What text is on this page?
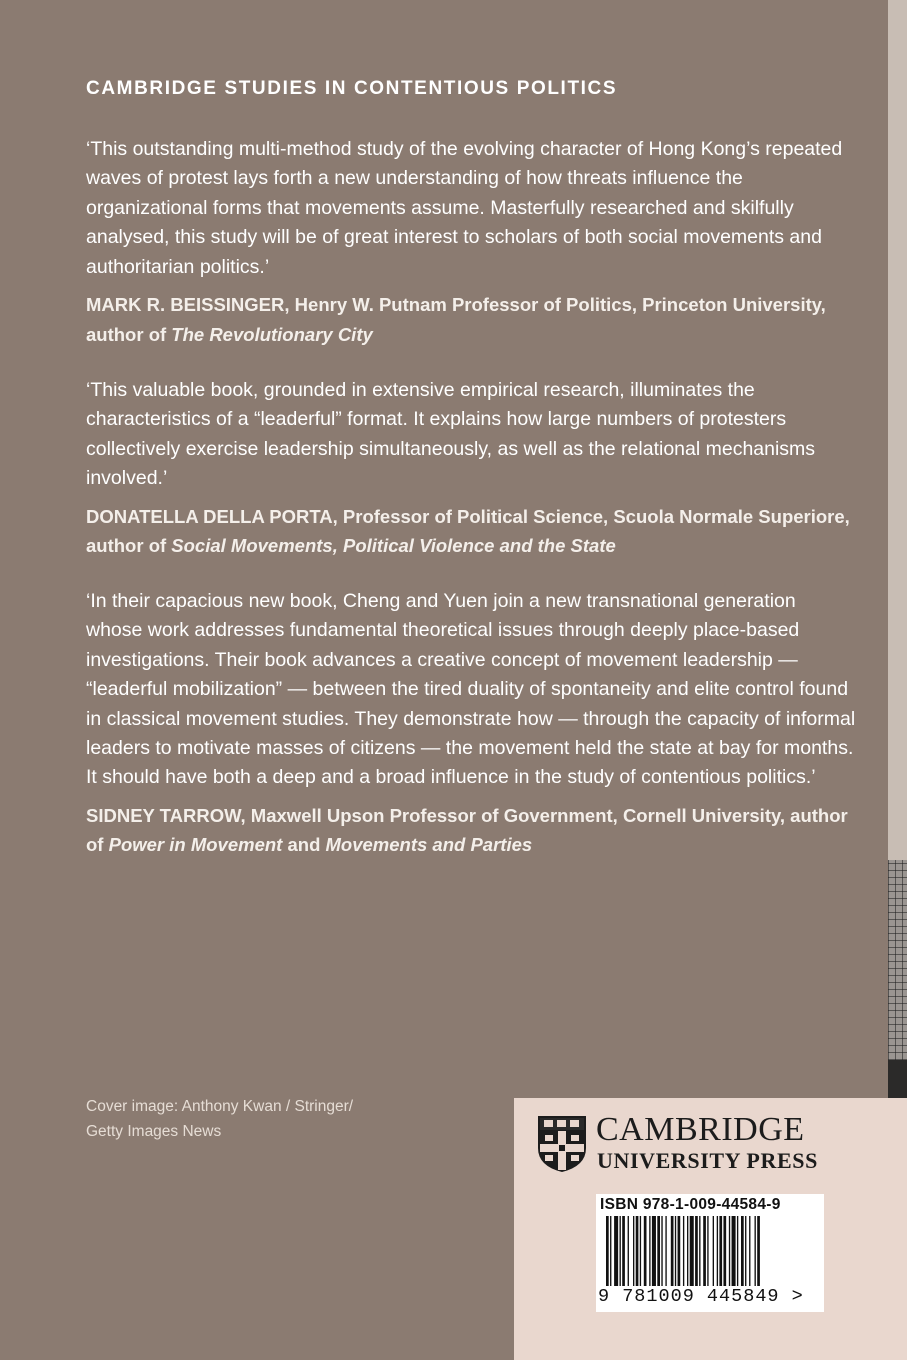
CAMBRIDGE STUDIES IN CONTENTIOUS POLITICS

‘This outstanding multi-method study of the evolving character of Hong Kong’s repeated waves of protest lays forth a new understanding of how threats influence the organizational forms that movements assume. Masterfully researched and skilfully analysed, this study will be of great interest to scholars of both social movements and authoritarian politics.’

MARK R. BEISSINGER, Henry W. Putnam Professor of Politics, Princeton University, author of The Revolutionary City

‘This valuable book, grounded in extensive empirical research, illuminates the characteristics of a “leaderful” format. It explains how large numbers of protesters collectively exercise leadership simultaneously, as well as the relational mechanisms involved.’

DONATELLA DELLA PORTA, Professor of Political Science, Scuola Normale Superiore, author of Social Movements, Political Violence and the State

‘In their capacious new book, Cheng and Yuen join a new transnational generation whose work addresses fundamental theoretical issues through deeply place-based investigations. Their book advances a creative concept of movement leadership — “leaderful mobilization” — between the tired duality of spontaneity and elite control found in classical movement studies. They demonstrate how — through the capacity of informal leaders to motivate masses of citizens — the movement held the state at bay for months. It should have both a deep and a broad influence in the study of contentious politics.’

SIDNEY TARROW, Maxwell Upson Professor of Government, Cornell University, author of Power in Movement and Movements and Parties

Cover image: Anthony Kwan / Stringer/
Getty Images News	CAMBRIDGE

UNIVERSITY PRESS

ISBN 978-1-009-44584-9

9 781009 445849 >
